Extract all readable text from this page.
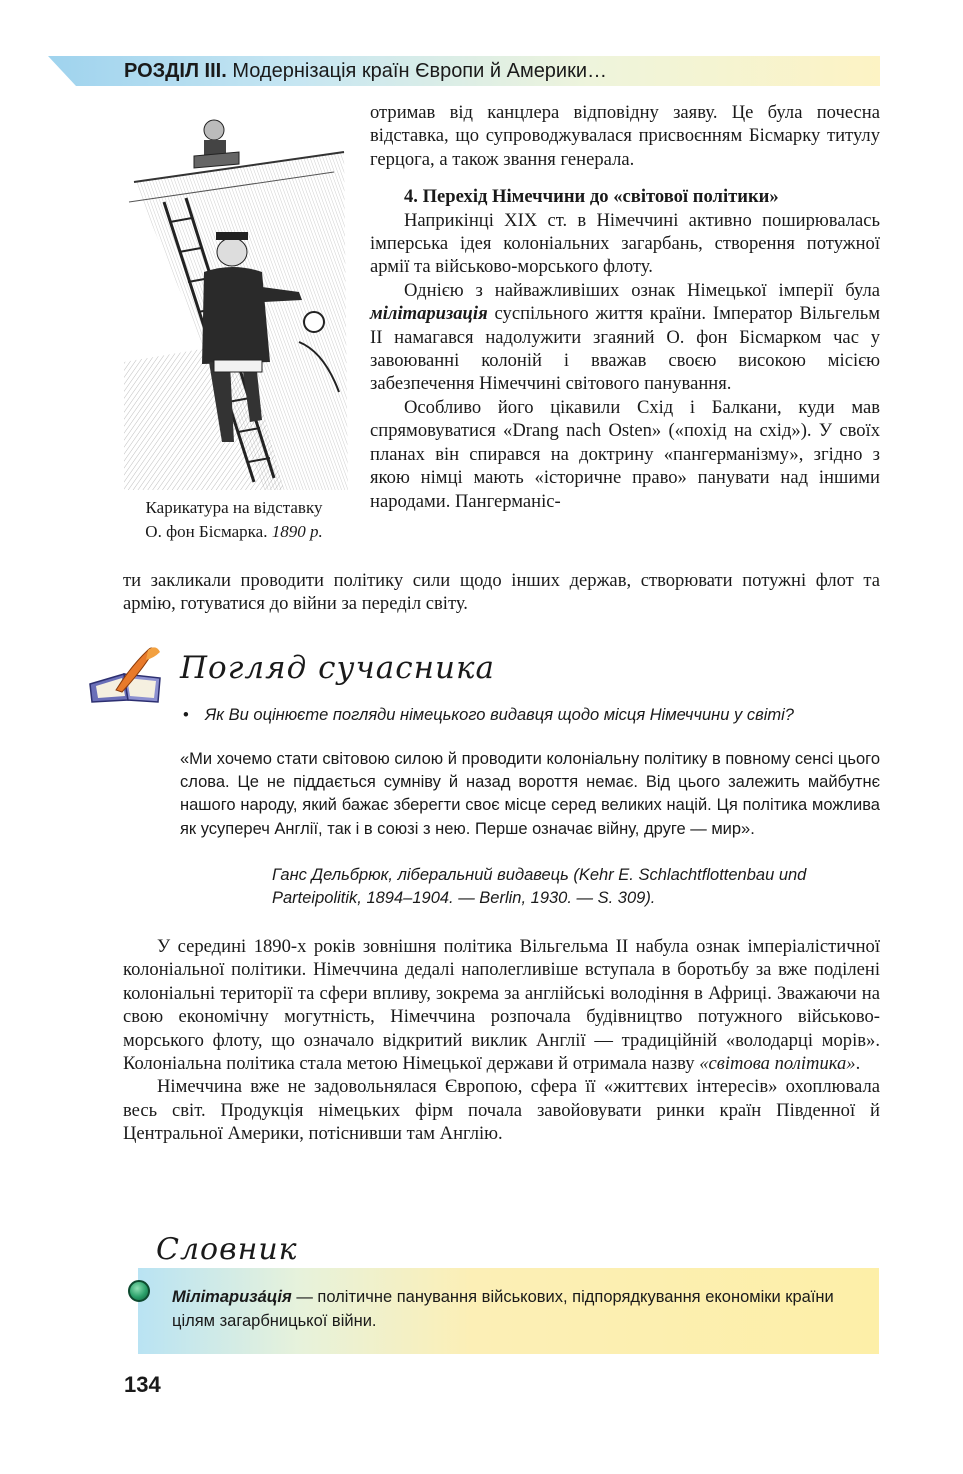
РОЗДІЛ ІІІ. Модернізація країн Європи й Америки…
Карикатура на відставку
О. фон Бісмарка. 1890 р.

отримав від канцлера відповідну заяву. Це була почесна відставка, що супроводжувалася присвоєнням Бісмарку титулу герцога, а також звання генерала.

4. Перехід Німеччини до «світової політики»

Наприкінці XIX ст. в Німеччині активно поширювалась імперська ідея колоніальних загарбань, створення потужної армії та військово-морського флоту.

Однією з найважливіших ознак Німецької імперії була мілітаризація суспільного життя країни. Імператор Вільгельм II намагався надолужити згаяний О. фон Бісмарком час у завоюванні колоній і вважав своєю високою місією забезпечення Німеччині світового панування.

Особливо його цікавили Схід і Балкани, куди мав спрямовуватися «Drang nach Osten» («похід на схід»). У своїх планах він спирався на доктрину «пангерманізму», згідно з якою німці мають «історичне право» панувати над іншими народами. Пангерманіс-

ти закликали проводити політику сили щодо інших держав, створювати потужні флот та армію, готуватися до війни за переділ світу.

Погляд сучасника
• Як Ви оцінюєте погляди німецького видавця щодо місця Німеччини у світі?
«Ми хочемо стати світовою силою й проводити колоніальну політику в повному сенсі цього слова. Це не піддається сумніву й назад вороття немає. Від цього залежить майбутнє нашого народу, який бажає зберегти своє місце серед великих націй. Ця політика можлива як усупереч Англії, так і в союзі з нею. Перше означає війну, друге — мир».
Ганс Дельбрюк, ліберальний видавець (Kehr E. Schlachtflottenbau und Parteipolitik, 1894–1904. — Berlin, 1930. — S. 309).

У середині 1890-х років зовнішня політика Вільгельма II набула ознак імперіалістичної колоніальної політики. Німеччина дедалі наполегливіше вступала в боротьбу за вже поділені колоніальні території та сфери впливу, зокрема за англійські володіння в Африці. Зважаючи на свою економічну могутність, Німеччина розпочала будівництво потужного військово-морського флоту, що означало відкритий виклик Англії — традиційній «володарці морів». Колоніальна політика стала метою Німецької держави й отримала назву «світова політика».

Німеччина вже не задовольнялася Європою, сфера її «життєвих інтересів» охоплювала весь світ. Продукція німецьких фірм почала завойовувати ринки країн Південної й Центральної Америки, потіснивши там Англію.

Словник
Мілітариза́ція — політичне панування військових, підпорядкування економіки країни цілям загарбницької війни.
134
